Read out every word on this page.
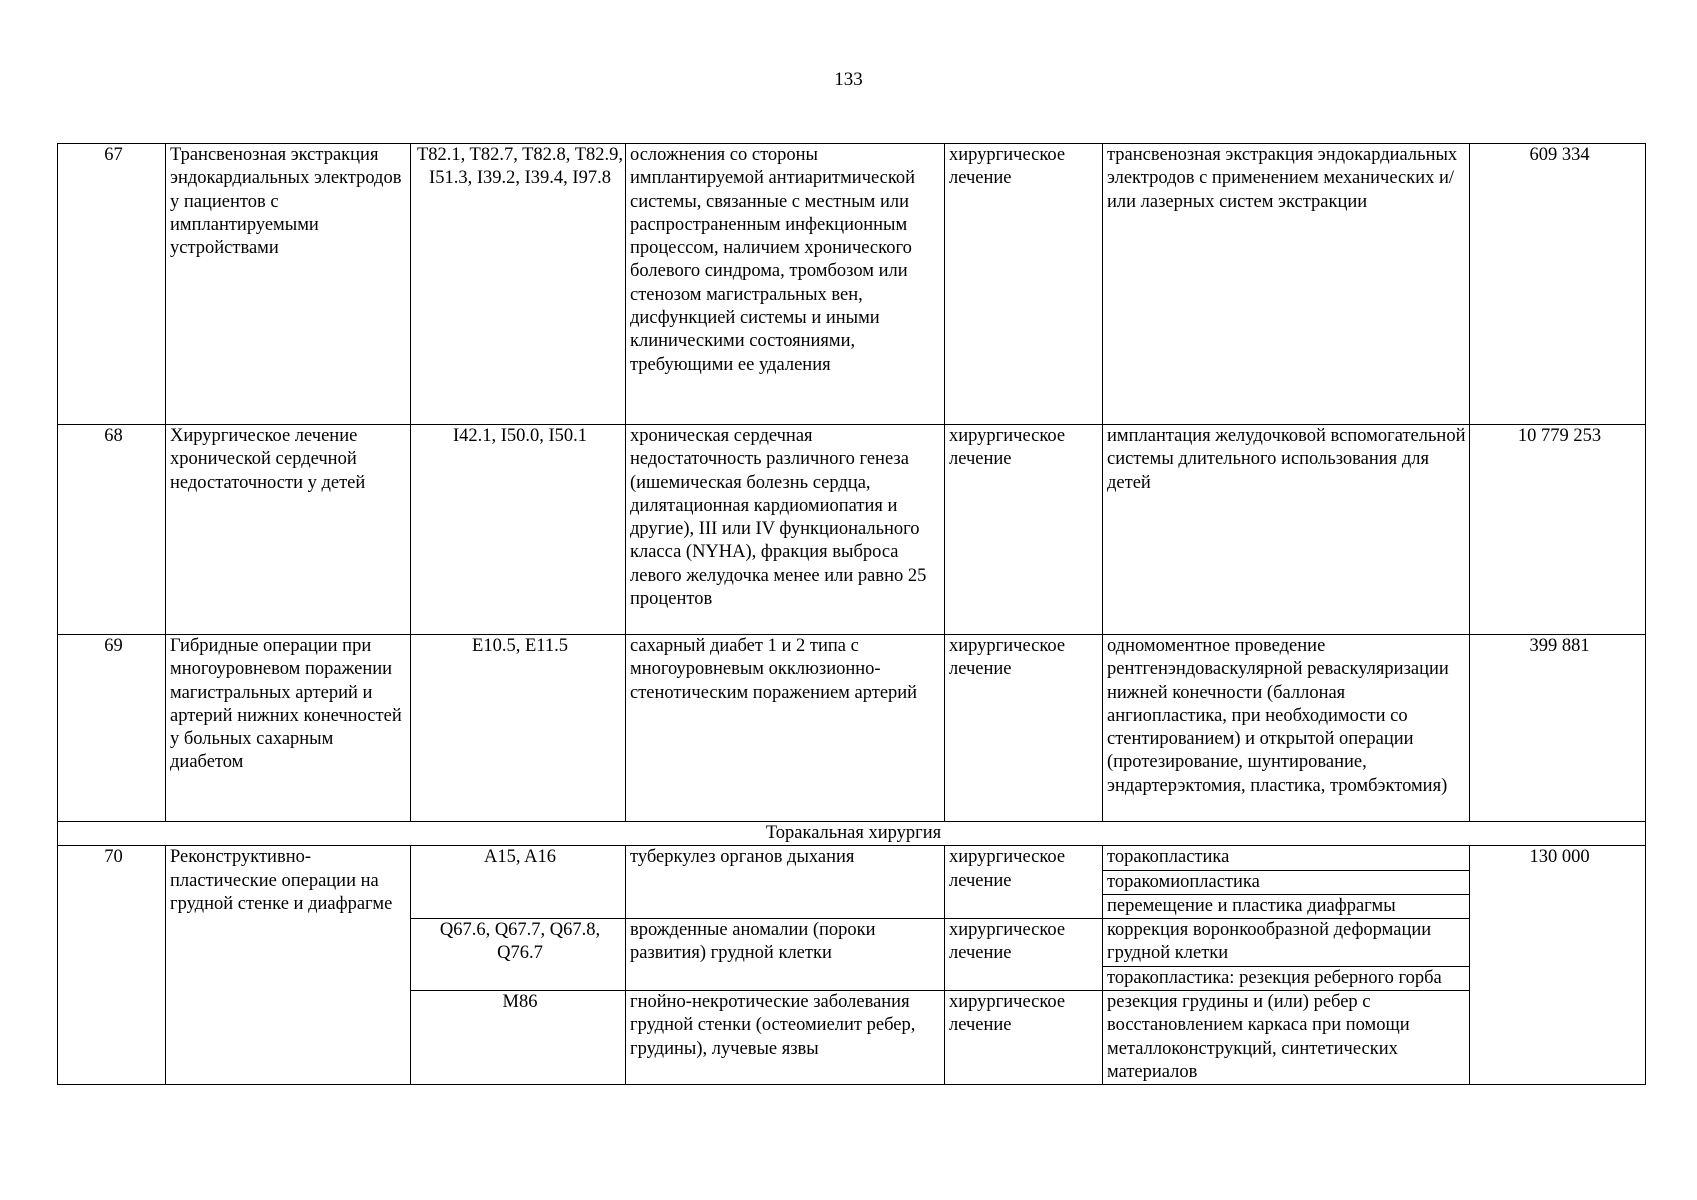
133
67	Трансвенозная экстракция эндокардиальных электродов у пациентов с имплантируемыми устройствами	T82.1, T82.7, T82.8, T82.9, I51.3, I39.2, I39.4, I97.8	осложнения со стороны имплантируемой антиаритмической системы, связанные с местным или распространенным инфекционным процессом, наличием хронического болевого синдрома, тромбозом или стенозом магистральных вен, дисфункцией системы и иными клиническими состояниями, требующими ее удаления	хирургическое лечение	трансвенозная экстракция эндокардиальных электродов с применением механических и/или лазерных систем экстракции	609 334
68	Хирургическое лечение хронической сердечной недостаточности у детей	I42.1, I50.0, I50.1	хроническая сердечная недостаточность различного генеза (ишемическая болезнь сердца, дилятационная кардиомиопатия и другие), III или IV функционального класса (NYHA), фракция выброса левого желудочка менее или равно 25 процентов	хирургическое лечение	имплантация желудочковой вспомогательной системы длительного использования для детей	10 779 253
69	Гибридные операции при многоуровневом поражении магистральных артерий и артерий нижних конечностей у больных сахарным диабетом	E10.5, E11.5	сахарный диабет 1 и 2 типа с многоуровневым окклюзионно-стенотическим поражением артерий	хирургическое лечение	одномоментное проведение рентгенэндоваскулярной реваскуляризации нижней конечности (баллоная ангиопластика, при необходимости со стентированием) и открытой операции (протезирование, шунтирование, эндартерэктомия, пластика, тромбэктомия)	399 881
Торакальная хирургия						
70	Реконструктивно-пластические операции на грудной стенке и диафрагме	A15, A16	туберкулез органов дыхания	хирургическое лечение	торакопластика	130 000
					торакомиопластика	
					перемещение и пластика диафрагмы	
		Q67.6, Q67.7, Q67.8, Q76.7	врожденные аномалии (пороки развития) грудной клетки	хирургическое лечение	коррекция воронкообразной деформации грудной клетки	
					торакопластика: резекция реберного горба	
		M86	гнойно-некротические заболевания грудной стенки (остеомиелит ребер, грудины), лучевые язвы	хирургическое лечение	резекция грудины и (или) ребер с восстановлением каркаса при помощи металлоконструкций, синтетических материалов	
